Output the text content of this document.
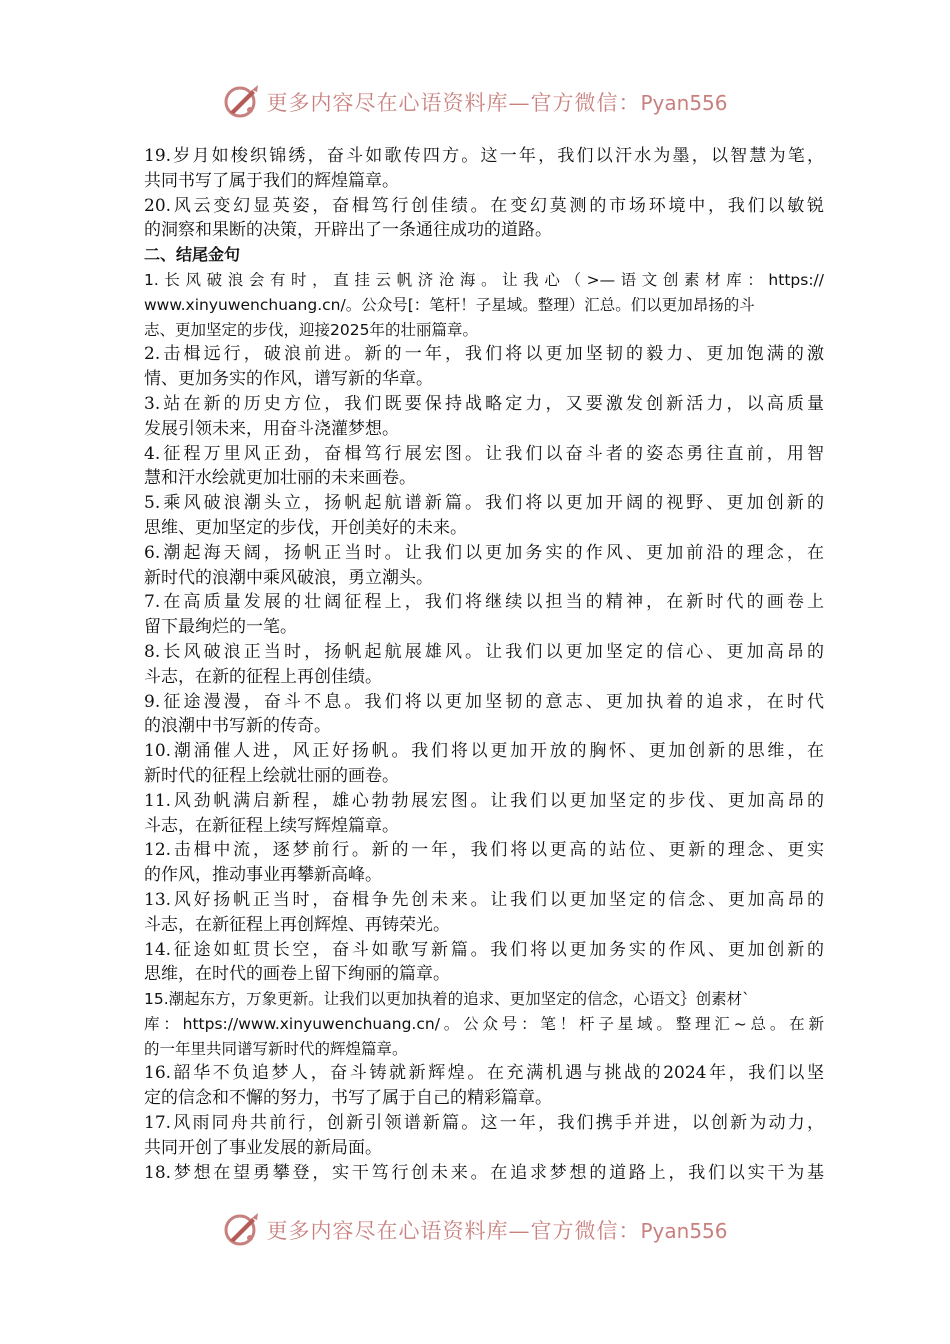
更多内容尽在心语资料库—官方微信：Pyan556
19.岁月如梭织锦绣，奋斗如歌传四方。这一年，我们以汗水为墨，以智慧为笔，
共同书写了属于我们的辉煌篇章。
20.风云变幻显英姿，奋楫笃行创佳绩。在变幻莫测的市场环境中，我们以敏锐
的洞察和果断的决策，开辟出了一条通往成功的道路。
二、结尾金句
1.长风破浪会有时，直挂云帆济沧海。让我心（>—语文创素材库：https://
www.xinyuwenchuang.cn/。公众号[：笔杆！子星域。整理）汇总。们以更加昂扬的斗
志、更加坚定的步伐，迎接2025年的壮丽篇章。
2.击楫远行，破浪前进。新的一年，我们将以更加坚韧的毅力、更加饱满的激
情、更加务实的作风，谱写新的华章。
3.站在新的历史方位，我们既要保持战略定力，又要激发创新活力，以高质量
发展引领未来，用奋斗浇灌梦想。
4.征程万里风正劲，奋楫笃行展宏图。让我们以奋斗者的姿态勇往直前，用智
慧和汗水绘就更加壮丽的未来画卷。
5.乘风破浪潮头立，扬帆起航谱新篇。我们将以更加开阔的视野、更加创新的
思维、更加坚定的步伐，开创美好的未来。
6.潮起海天阔，扬帆正当时。让我们以更加务实的作风、更加前沿的理念，在
新时代的浪潮中乘风破浪，勇立潮头。
7.在高质量发展的壮阔征程上，我们将继续以担当的精神，在新时代的画卷上
留下最绚烂的一笔。
8.长风破浪正当时，扬帆起航展雄风。让我们以更加坚定的信心、更加高昂的
斗志，在新的征程上再创佳绩。
9.征途漫漫，奋斗不息。我们将以更加坚韧的意志、更加执着的追求，在时代
的浪潮中书写新的传奇。
10.潮涌催人进，风正好扬帆。我们将以更加开放的胸怀、更加创新的思维，在
新时代的征程上绘就壮丽的画卷。
11.风劲帆满启新程，雄心勃勃展宏图。让我们以更加坚定的步伐、更加高昂的
斗志，在新征程上续写辉煌篇章。
12.击楫中流，逐梦前行。新的一年，我们将以更高的站位、更新的理念、更实
的作风，推动事业再攀新高峰。
13.风好扬帆正当时，奋楫争先创未来。让我们以更加坚定的信念、更加高昂的
斗志，在新征程上再创辉煌、再铸荣光。
14.征途如虹贯长空，奋斗如歌写新篇。我们将以更加务实的作风、更加创新的
思维，在时代的画卷上留下绚丽的篇章。
15.潮起东方，万象更新。让我们以更加执着的追求、更加坚定的信念，心语文｝创素材`
库：https://www.xinyuwenchuang.cn/。公众号：笔！杆子星域。整理汇~总。在新
的一年里共同谱写新时代的辉煌篇章。
16.韶华不负追梦人，奋斗铸就新辉煌。在充满机遇与挑战的2024年，我们以坚
定的信念和不懈的努力，书写了属于自己的精彩篇章。
17.风雨同舟共前行，创新引领谱新篇。这一年，我们携手并进，以创新为动力，
共同开创了事业发展的新局面。
18.梦想在望勇攀登，实干笃行创未来。在追求梦想的道路上，我们以实干为基
更多内容尽在心语资料库—官方微信：Pyan556
